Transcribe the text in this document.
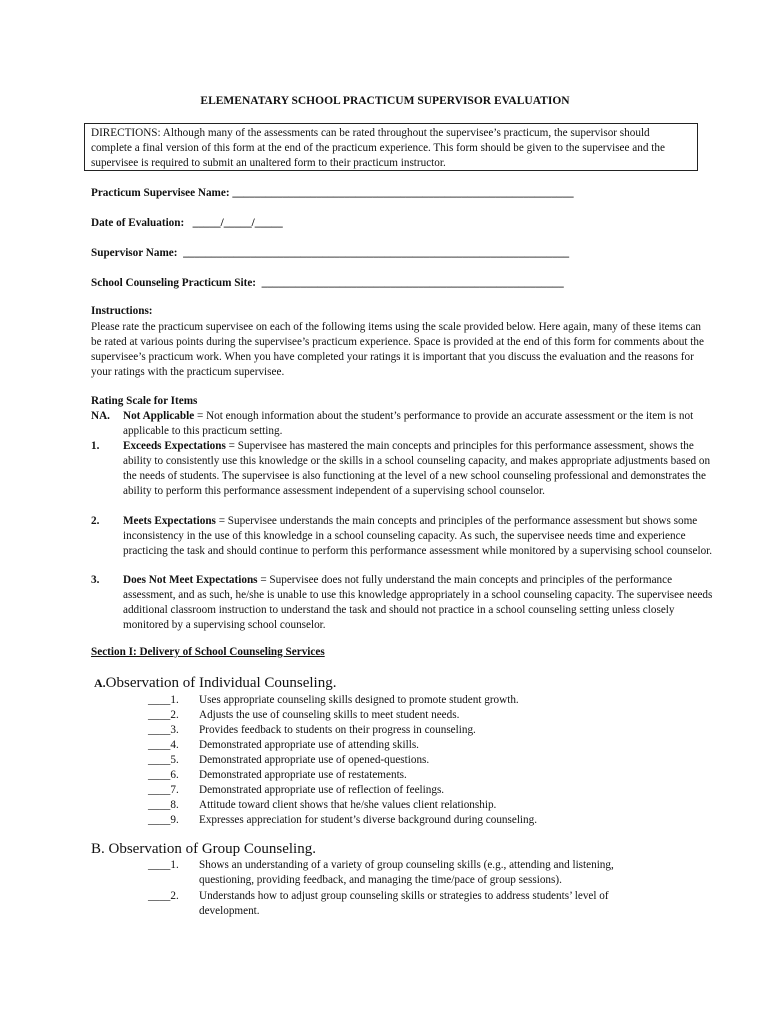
ELEMENATARY SCHOOL PRACTICUM SUPERVISOR EVALUATION
DIRECTIONS: Although many of the assessments can be rated throughout the supervisee’s practicum, the supervisor should complete a final version of this form at the end of the practicum experience. This form should be given to the supervisee and the supervisee is required to submit an unaltered form to their practicum instructor.
Practicum Supervisee Name: _____________________________________________________________
Date of Evaluation:   _____/_____/_____
Supervisor Name:  _____________________________________________________________________
School Counseling Practicum Site:  ______________________________________________________
Instructions:
Please rate the practicum supervisee on each of the following items using the scale provided below. Here again, many of these items can be rated at various points during the supervisee’s practicum experience. Space is provided at the end of this form for comments about the supervisee’s practicum work. When you have completed your ratings it is important that you discuss the evaluation and the reasons for your ratings with the practicum supervisee.
Rating Scale for Items
NA. Not Applicable = Not enough information about the student’s performance to provide an accurate assessment or the item is not applicable to this practicum setting.
1. Exceeds Expectations = Supervisee has mastered the main concepts and principles for this performance assessment, shows the ability to consistently use this knowledge or the skills in a school counseling capacity, and makes appropriate adjustments based on the needs of students. The supervisee is also functioning at the level of a new school counseling professional and demonstrates the ability to perform this performance assessment independent of a supervising school counselor.
2. Meets Expectations = Supervisee understands the main concepts and principles of the performance assessment but shows some inconsistency in the use of this knowledge in a school counseling capacity. As such, the supervisee needs time and experience practicing the task and should continue to perform this performance assessment while monitored by a supervising school counselor.
3. Does Not Meet Expectations = Supervisee does not fully understand the main concepts and principles of the performance assessment, and as such, he/she is unable to use this knowledge appropriately in a school counseling capacity. The supervisee needs additional classroom instruction to understand the task and should not practice in a school counseling setting unless closely monitored by a supervising school counselor.
Section I: Delivery of School Counseling Services
A.Observation of Individual Counseling.
____1.	Uses appropriate counseling skills designed to promote student growth.
____2.	Adjusts the use of counseling skills to meet student needs.
____3.	Provides feedback to students on their progress in counseling.
____4.	Demonstrated appropriate use of attending skills.
____5.	Demonstrated appropriate use of opened-questions.
____6.	Demonstrated appropriate use of restatements.
____7.	Demonstrated appropriate use of reflection of feelings.
____8.	Attitude toward client shows that he/she values client relationship.
____9.	Expresses appreciation for student’s diverse background during counseling.
B. Observation of Group Counseling.
____1.	Shows an understanding of a variety of group counseling skills (e.g., attending and listening, questioning, providing feedback, and managing the time/pace of group sessions).
____2.	Understands how to adjust group counseling skills or strategies to address students’ level of development.
